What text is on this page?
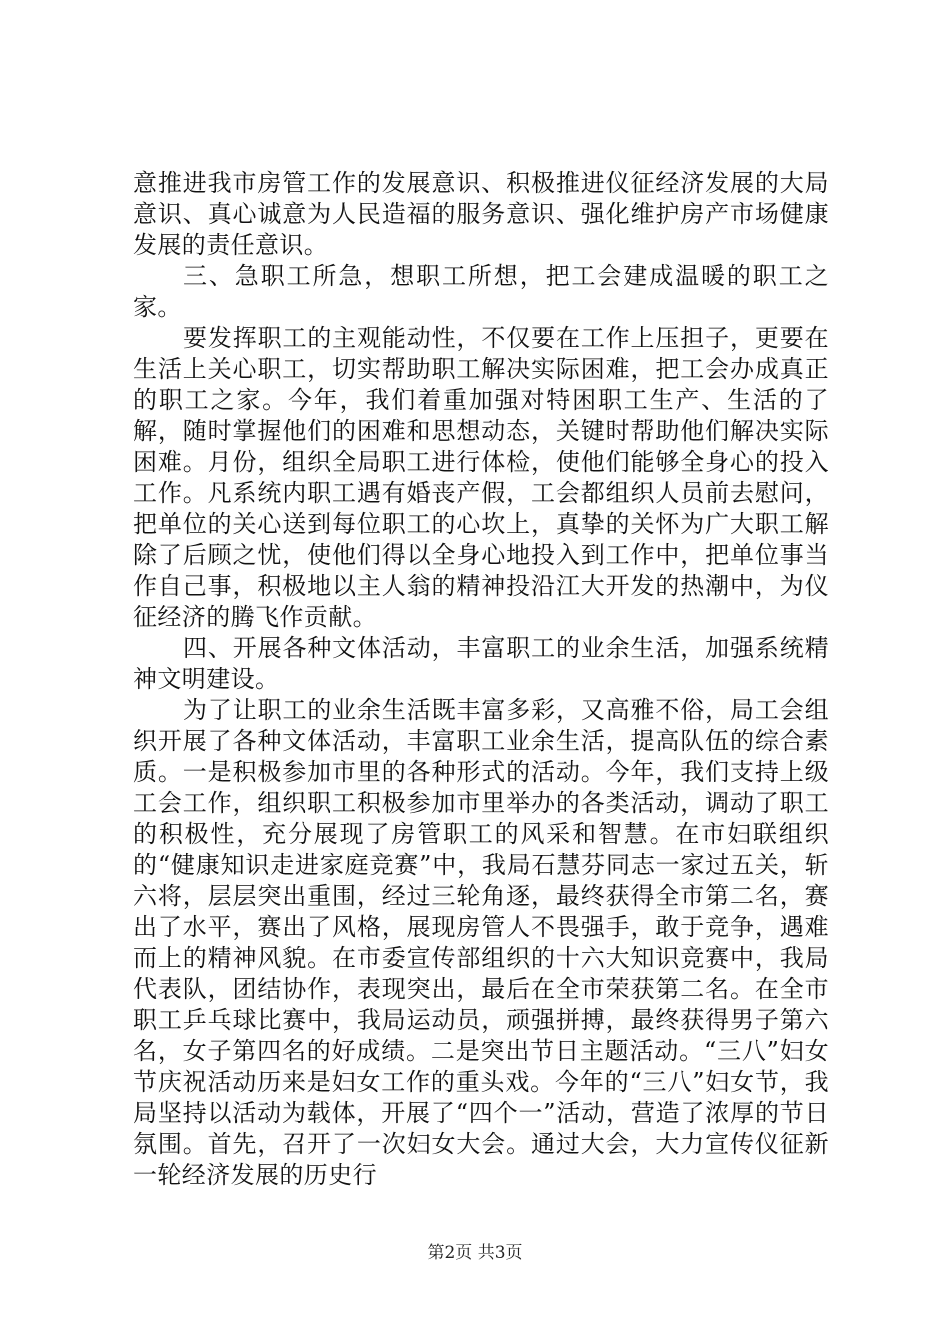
意推进我市房管工作的发展意识、积极推进仪征经济发展的大局意识、真心诚意为人民造福的服务意识、强化维护房产市场健康发展的责任意识。

三、急职工所急，想职工所想，把工会建成温暖的职工之家。

要发挥职工的主观能动性，不仅要在工作上压担子，更要在生活上关心职工，切实帮助职工解决实际困难，把工会办成真正的职工之家。今年，我们着重加强对特困职工生产、生活的了解，随时掌握他们的困难和思想动态，关键时帮助他们解决实际困难。月份，组织全局职工进行体检，使他们能够全身心的投入工作。凡系统内职工遇有婚丧产假，工会都组织人员前去慰问，把单位的关心送到每位职工的心坎上，真挚的关怀为广大职工解除了后顾之忧，使他们得以全身心地投入到工作中，把单位事当作自己事，积极地以主人翁的精神投沿江大开发的热潮中，为仪征经济的腾飞作贡献。

四、开展各种文体活动，丰富职工的业余生活，加强系统精神文明建设。

为了让职工的业余生活既丰富多彩，又高雅不俗，局工会组织开展了各种文体活动，丰富职工业余生活，提高队伍的综合素质。一是积极参加市里的各种形式的活动。今年，我们支持上级工会工作，组织职工积极参加市里举办的各类活动，调动了职工的积极性，充分展现了房管职工的风采和智慧。在市妇联组织的“健康知识走进家庭竞赛”中，我局石慧芬同志一家过五关，斩六将，层层突出重围，经过三轮角逐，最终获得全市第二名，赛出了水平，赛出了风格，展现房管人不畏强手，敢于竞争，遇难而上的精神风貌。在市委宣传部组织的十六大知识竞赛中，我局代表队，团结协作，表现突出，最后在全市荣获第二名。在全市职工乒乓球比赛中，我局运动员，顽强拼搏，最终获得男子第六名，女子第四名的好成绩。二是突出节日主题活动。“三八”妇女节庆祝活动历来是妇女工作的重头戏。今年的“三八”妇女节，我局坚持以活动为载体，开展了“四个一”活动，营造了浓厚的节日氛围。首先，召开了一次妇女大会。通过大会，大力宣传仪征新一轮经济发展的历史行

第2页 共3页
